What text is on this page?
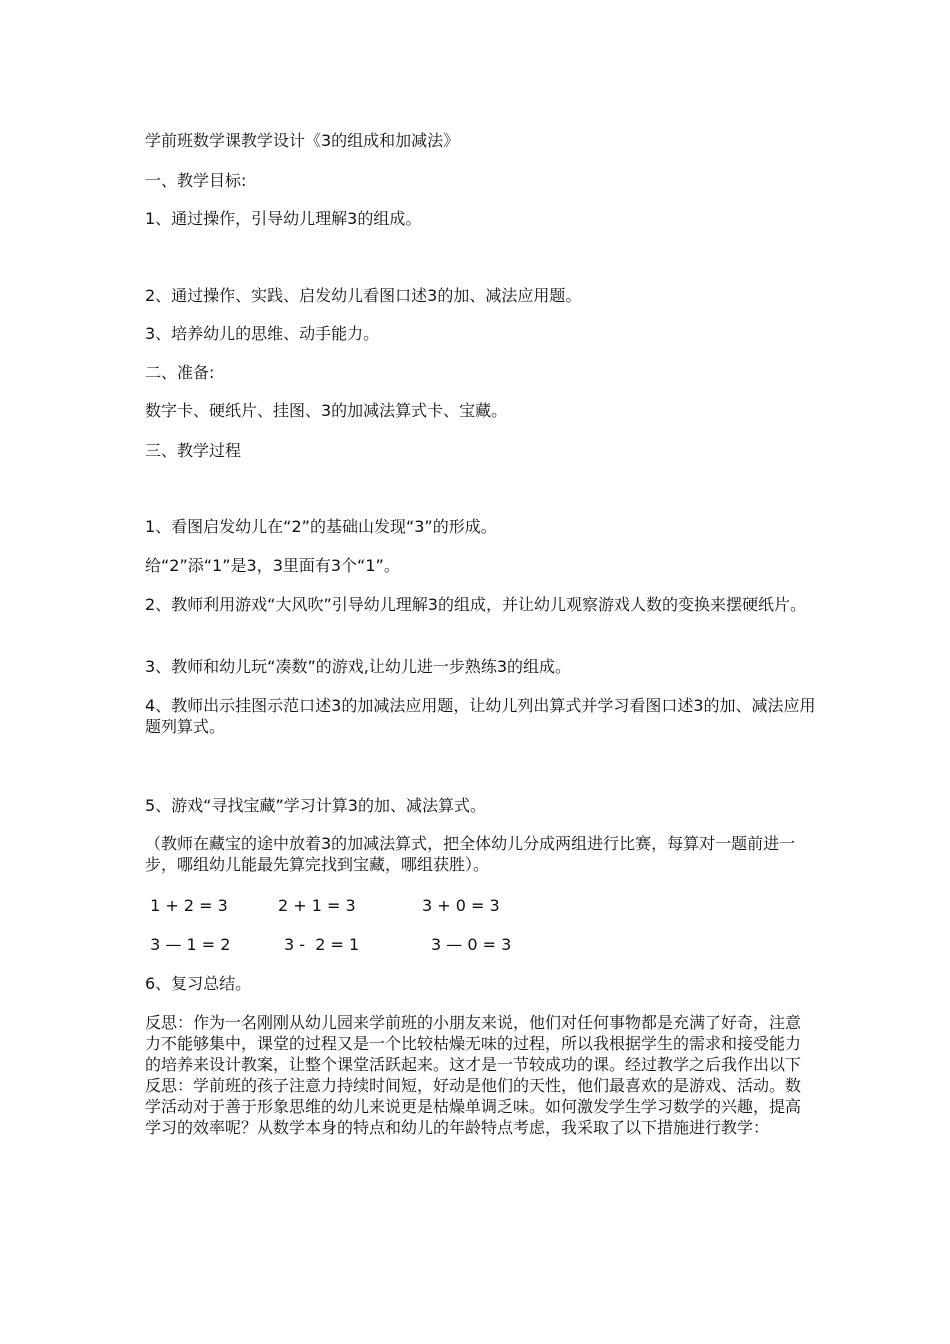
学前班数学课教学设计《3的组成和加减法》
一、教学目标:
1、通过操作，引导幼儿理解3的组成。
2、通过操作、实践、启发幼儿看图口述3的加、减法应用题。
3、培养幼儿的思维、动手能力。
二、准备:
数字卡、硬纸片、挂图、3的加减法算式卡、宝藏。
三、教学过程
1、看图启发幼儿在“2”的基础山发现“3”的形成。
给“2”添“1”是3，3里面有3个“1”。
2、教师利用游戏“大风吹”引导幼儿理解3的组成，并让幼儿观察游戏人数的变换来摆硬纸片。
3、教师和幼儿玩“凑数”的游戏,让幼儿进一步熟练3的组成。
4、教师出示挂图示范口述3的加减法应用题，让幼儿列出算式并学习看图口述3的加、减法应用题列算式。
5、游戏“寻找宝藏”学习计算3的加、减法算式。
（教师在藏宝的途中放着3的加减法算式，把全体幼儿分成两组进行比赛，每算对一题前进一步，哪组幼儿能最先算完找到宝藏，哪组获胜）。
1 + 2 = 3	2 + 1 = 3	3 + 0 = 3
3 — 1 = 2	3 -  2 = 1	3 — 0 = 3
6、复习总结。
反思：作为一名刚刚从幼儿园来学前班的小朋友来说，他们对任何事物都是充满了好奇，注意力不能够集中，课堂的过程又是一个比较枯燥无味的过程，所以我根据学生的需求和接受能力的培养来设计教案，让整个课堂活跃起来。这才是一节较成功的课。经过教学之后我作出以下反思：学前班的孩子注意力持续时间短，好动是他们的天性，他们最喜欢的是游戏、活动。数学活动对于善于形象思维的幼儿来说更是枯燥单调乏味。如何激发学生学习数学的兴趣，提高学习的效率呢？从数学本身的特点和幼儿的年龄特点考虑，我采取了以下措施进行教学：
